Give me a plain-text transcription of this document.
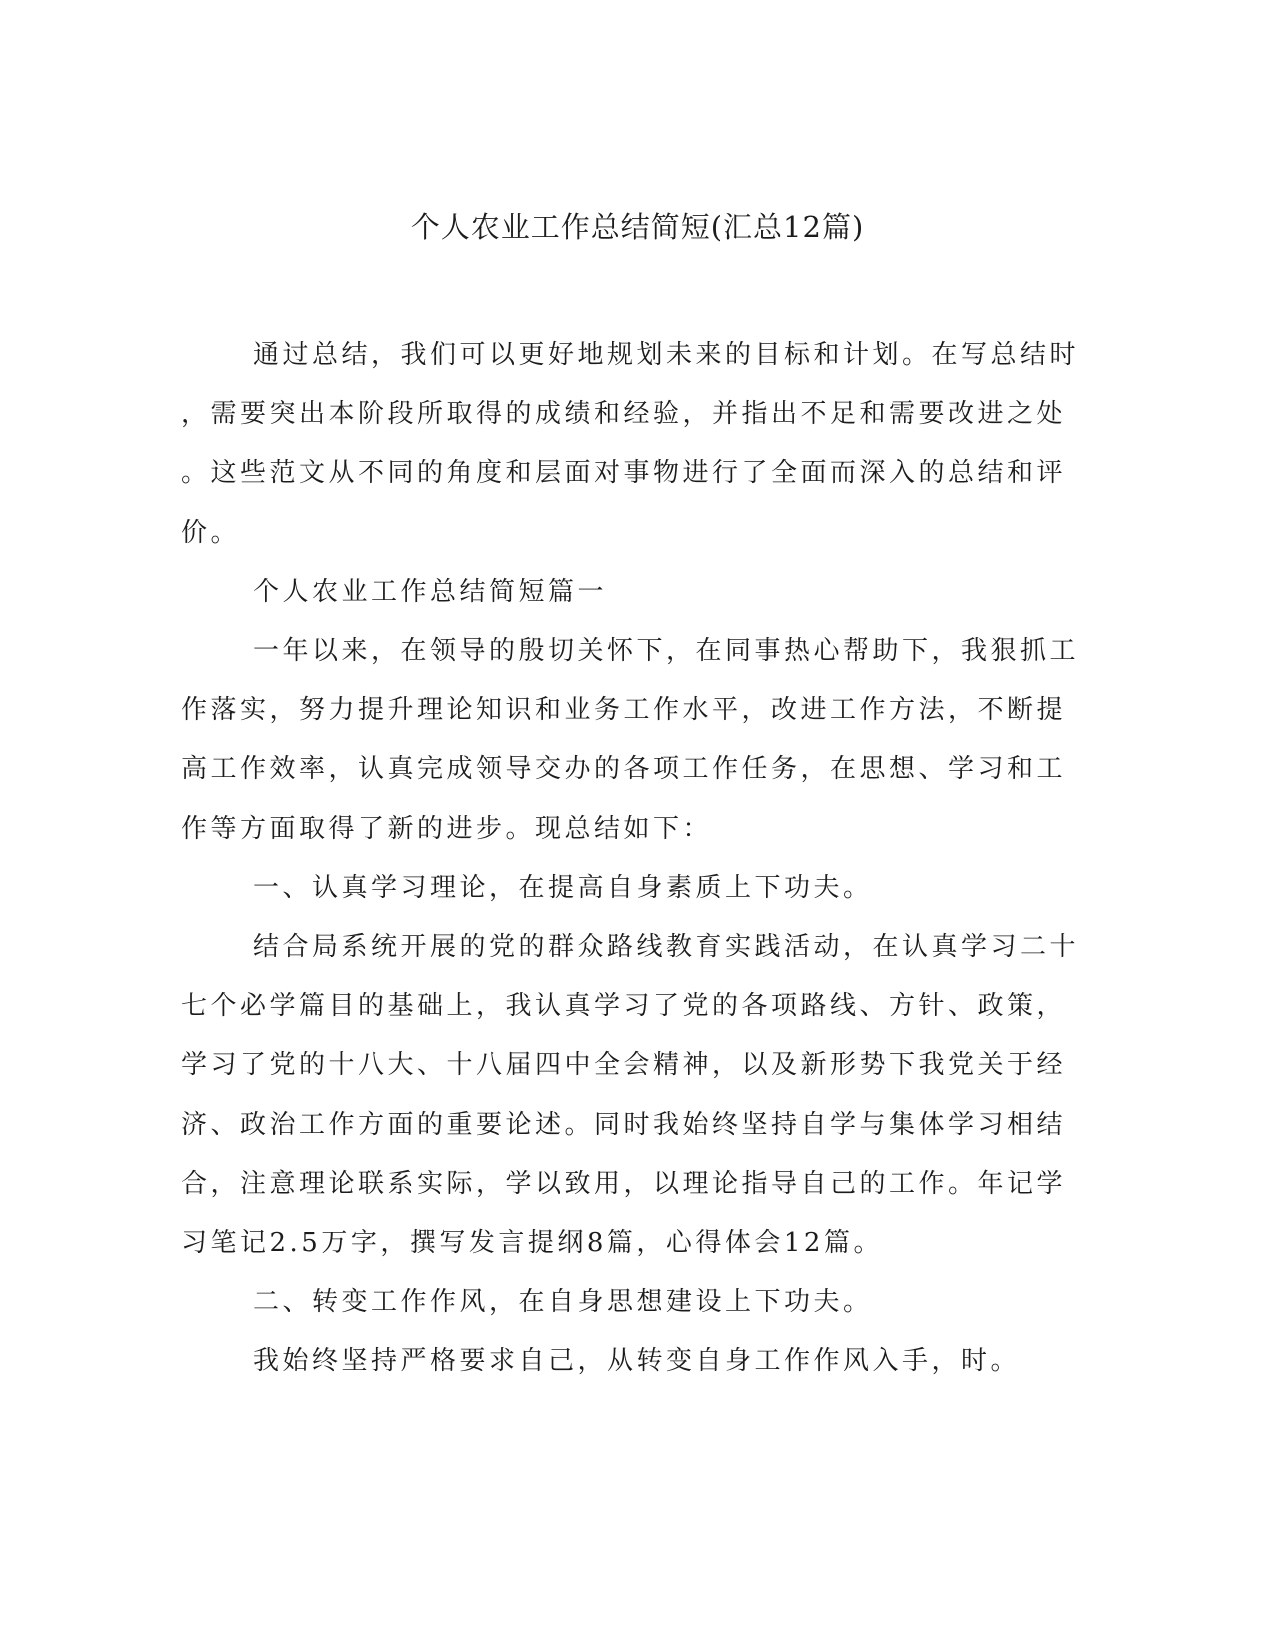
个人农业工作总结简短(汇总12篇)

通过总结，我们可以更好地规划未来的目标和计划。在写总结时
，需要突出本阶段所取得的成绩和经验，并指出不足和需要改进之处
。这些范文从不同的角度和层面对事物进行了全面而深入的总结和评
价。

个人农业工作总结简短篇一

一年以来，在领导的殷切关怀下，在同事热心帮助下，我狠抓工
作落实，努力提升理论知识和业务工作水平，改进工作方法，不断提
高工作效率，认真完成领导交办的各项工作任务，在思想、学习和工
作等方面取得了新的进步。现总结如下：

一、认真学习理论，在提高自身素质上下功夫。

结合局系统开展的党的群众路线教育实践活动，在认真学习二十
七个必学篇目的基础上，我认真学习了党的各项路线、方针、政策，
学习了党的十八大、十八届四中全会精神，以及新形势下我党关于经
济、政治工作方面的重要论述。同时我始终坚持自学与集体学习相结
合，注意理论联系实际，学以致用，以理论指导自己的工作。年记学
习笔记2.5万字，撰写发言提纲8篇，心得体会12篇。

二、转变工作作风，在自身思想建设上下功夫。

我始终坚持严格要求自己，从转变自身工作作风入手，时。
